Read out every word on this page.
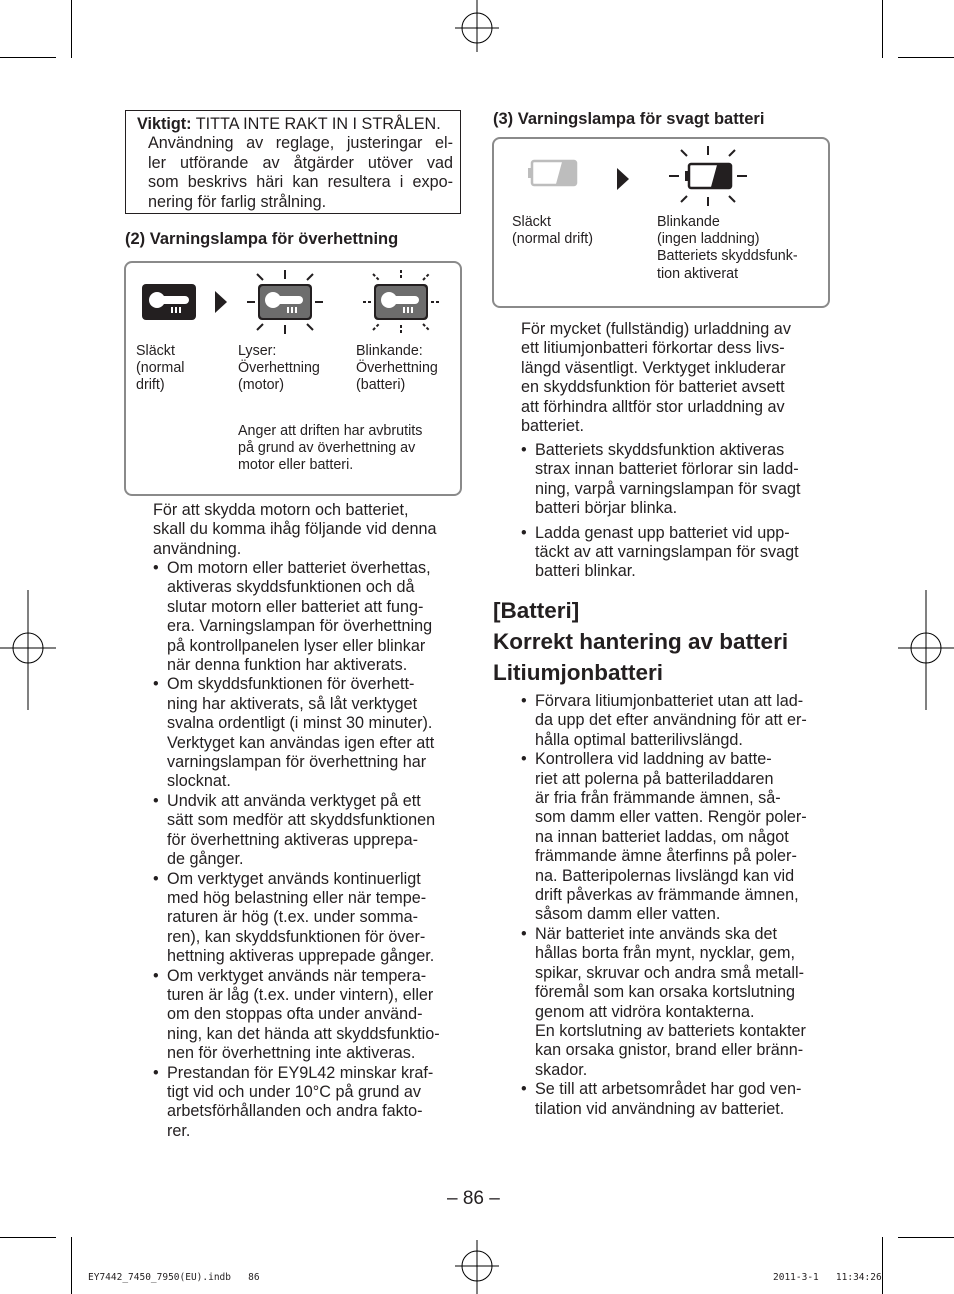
Viktigt: TITTA INTE RAKT IN I STRÅLEN.

Användning av reglage, justeringar el-
ler utförande av åtgärder utöver vad
som beskrivs häri kan resultera i expo-
nering för farlig strålning.
(2) Varningslampa för överhettning
Släckt
(normal
drift)
Lyser:
Överhettning
(motor)
Blinkande:
Överhettning
(batteri)
Anger att driften har avbrutits
på grund av överhettning av
motor eller batteri.
För att skydda motorn och batteriet,
skall du komma ihåg följande vid denna
användning.
• Om motorn eller batteriet överhettas,
aktiveras skyddsfunktionen och då
slutar motorn eller batteriet att fung-
era. Varningslampan för överhettning
på kontrollpanelen lyser eller blinkar
när denna funktion har aktiverats.
• Om skyddsfunktionen för överhett-
ning har aktiverats, så låt verktyget
svalna ordentligt (i minst 30 minuter).
Verktyget kan användas igen efter att
varningslampan för överhettning har
slocknat.
• Undvik att använda verktyget på ett
sätt som medför att skyddsfunktionen
för överhettning aktiveras upprepa-
de gånger.
• Om verktyget används kontinuerligt
med hög belastning eller när tempe-
raturen är hög (t.ex. under somma-
ren), kan skyddsfunktionen för över-
hettning aktiveras upprepade gånger.
• Om verktyget används när tempera-
turen är låg (t.ex. under vintern), eller
om den stoppas ofta under använd-
ning, kan det hända att skyddsfunktio-
nen för överhettning inte aktiveras.
• Prestandan för EY9L42 minskar kraf-
tigt vid och under 10°C på grund av
arbetsförhållanden och andra fakto-
rer.
(3) Varningslampa för svagt batteri
Släckt
(normal drift)
Blinkande
(ingen laddning)
Batteriets skyddsfunk-
tion aktiverat
För mycket (fullständig) urladdning av
ett litiumjonbatteri förkortar dess livs-
längd väsentligt. Verktyget inkluderar
en skyddsfunktion för batteriet avsett
att förhindra alltför stor urladdning av
batteriet.
• Batteriets skyddsfunktion aktiveras
strax innan batteriet förlorar sin ladd-
ning, varpå varningslampan för svagt
batteri börjar blinka.
• Ladda genast upp batteriet vid upp-
täckt av att varningslampan för svagt
batteri blinkar.
[Batteri]
Korrekt hantering av batteri
Litiumjonbatteri
• Förvara litiumjonbatteriet utan att lad-
da upp det efter användning för att er-
hålla optimal batterilivslängd.
• Kontrollera vid laddning av batte-
riet att polerna på batteriladdaren
är fria från främmande ämnen, så-
som damm eller vatten. Rengör poler-
na innan batteriet laddas, om något
främmande ämne återfinns på poler-
na. Batteripolernas livslängd kan vid
drift påverkas av främmande ämnen,
såsom damm eller vatten.
• När batteriet inte används ska det
hållas borta från mynt, nycklar, gem,
spikar, skruvar och andra små metall-
föremål som kan orsaka kortslutning
genom att vidröra kontakterna.
En kortslutning av batteriets kontakter
kan orsaka gnistor, brand eller bränn-
skador.
• Se till att arbetsområdet har god ven-
tilation vid användning av batteriet.
– 86 –
EY7442_7450_7950(EU).indb   86	2011-3-1   11:34:26
